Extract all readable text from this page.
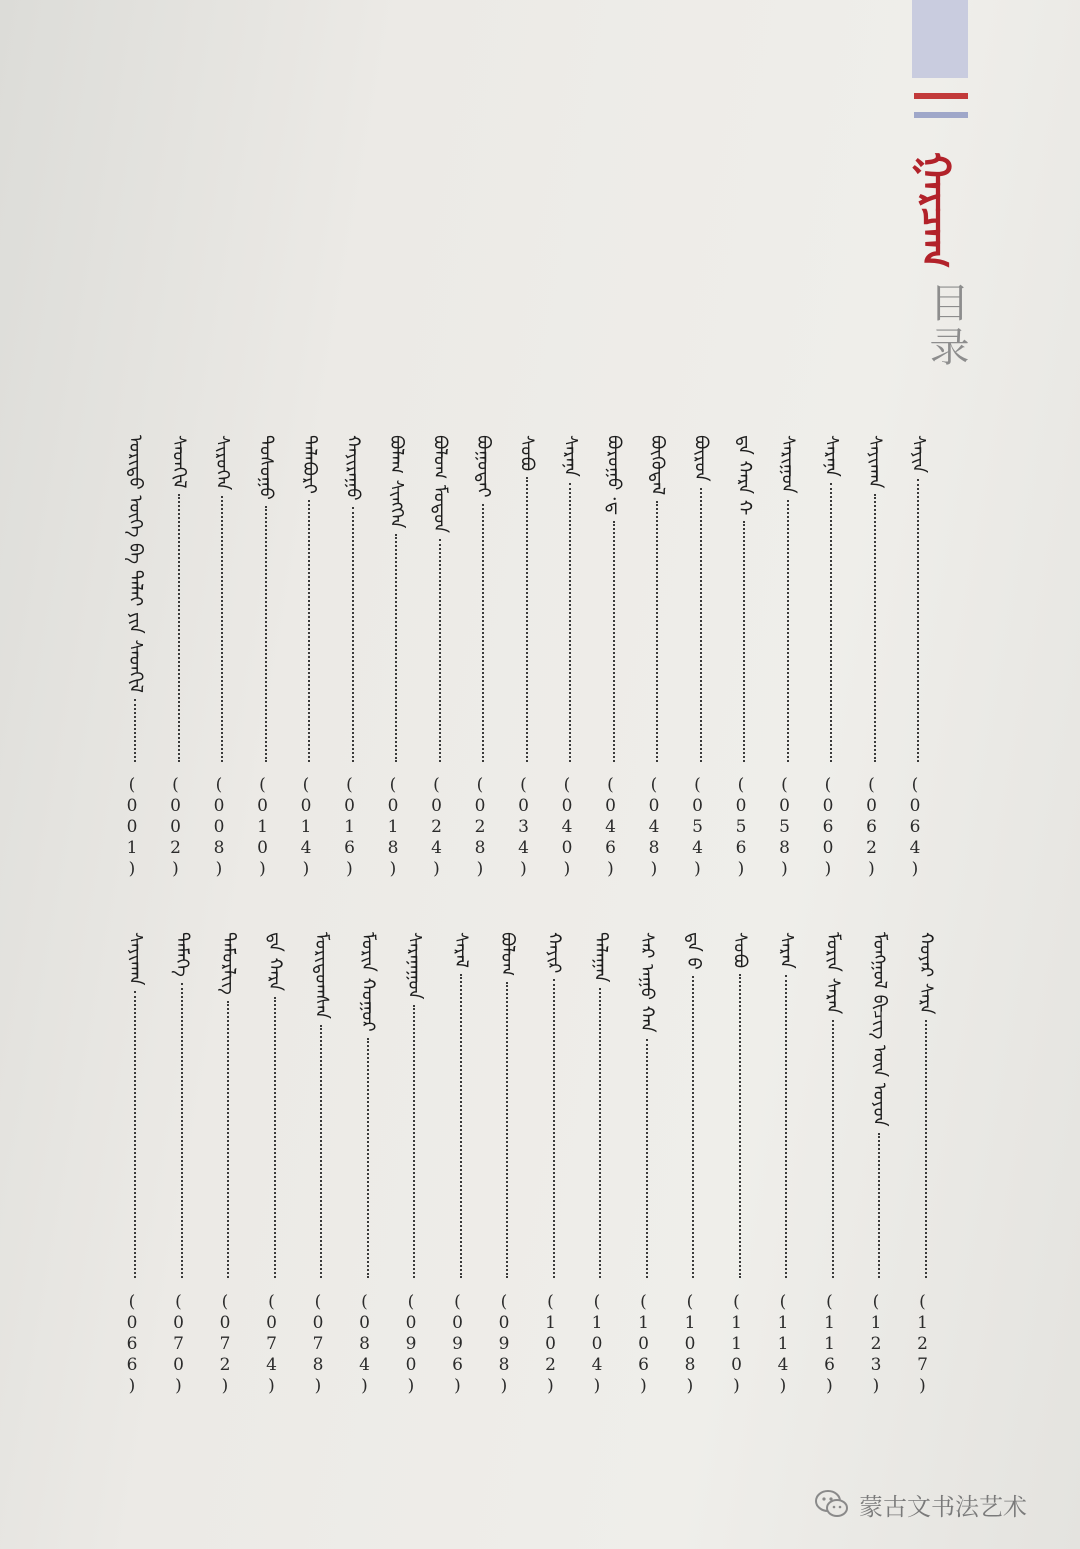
ᠭᠠᠷᠴᠠᠭ
目录
ᠤᠷᠢᠳᠤ ᠦᠭᠡ ᠪᠠ ᠳᠠᠯᠠᠢ ᠶᠢᠨ ᠰᠡᠳᠬᠢᠯ
(001)
ᠰᠡᠳᠬᠢᠯ
(002)
ᠰᠢᠷᠦᠭᠡᠨ
(008)
ᠲᠣᠰᠣᠭᠣ
(010)
ᠲᠠᠯᠠᠪᠤᠷᠢ
(014)
ᠬᠠᠶᠢᠷᠠᠭᠤ
(016)
ᠪᠤᠯᠠᠭ ᠰᠢᠩᠭᠡᠨ
(018)
ᠪᠤᠯᠤᠭ ᠮᠣᠳᠣᠨ
(024)
ᠪᠤᠭᠤᠳᠠᠢ
(028)
ᠰᠤᠪᠤ
(034)
ᠰᠠᠷᠠᠨᠠ
(040)
ᠪᠣᠷᠣᠭᠤ ·ᠳ
(046)
ᠪᠦᠭᠦᠳᠡᠯ
(048)
ᠪᠦᠷᠦᠨ
(054)
ᠳᠠ ᠬᠠᠷᠠ ᠬ
(056)
ᠰᠠᠷᠢᠭᠤᠨ
(058)
ᠰᠠᠷᠠᠨᠠ
(060)
ᠰᠠᠶᠢᠬᠠᠨ
(062)
ᠰᠠᠶᠢᠨ
(064)
ᠰᠠᠶᠢᠬᠠᠨ
(066)
ᠲᠡᠮᠡᠭᠡ
(070)
ᠲᠡᠮᠦᠷᠯᠢᠭ
(072)
ᠳᠠ ᠬᠠᠷᠠ
(074)
ᠮᠣᠷᠢᠳᠤᠭᠰᠠᠨ
(078)
ᠮᠣᠷᠢᠨ ᠬᠤᠭᠤᠷ
(084)
ᠰᠠᠷᠠᠨᠠᠭᠤᠨ
(090)
ᠰᠠᠷᠠᠯ
(096)
ᠪᠤᠯᠤᠭ
(098)
ᠬᠠᠶᠢᠷ
(102)
ᠲᠠᠯᠠᠭᠠᠨ
(104)
ᠰᠠᠷ ᠠᠭᠤ ᠬᠠᠨ
(106)
ᠳᠠ ᠪ
(108)
ᠰᠤᠪᠤ
(110)
ᠰᠠᠷᠠᠨ
(114)
ᠮᠣᠷᠢᠨ ᠰᠠᠷᠠᠨ
(116)
ᠮᠣᠩᠭᠣᠯ ᠪᠢᠴᠢᠭ ᠦᠨ ᠣᠶᠤᠨ
(123)
ᠬᠣᠶᠠᠷ ᠰᠠᠷᠠ
(127)
蒙古文书法艺术
